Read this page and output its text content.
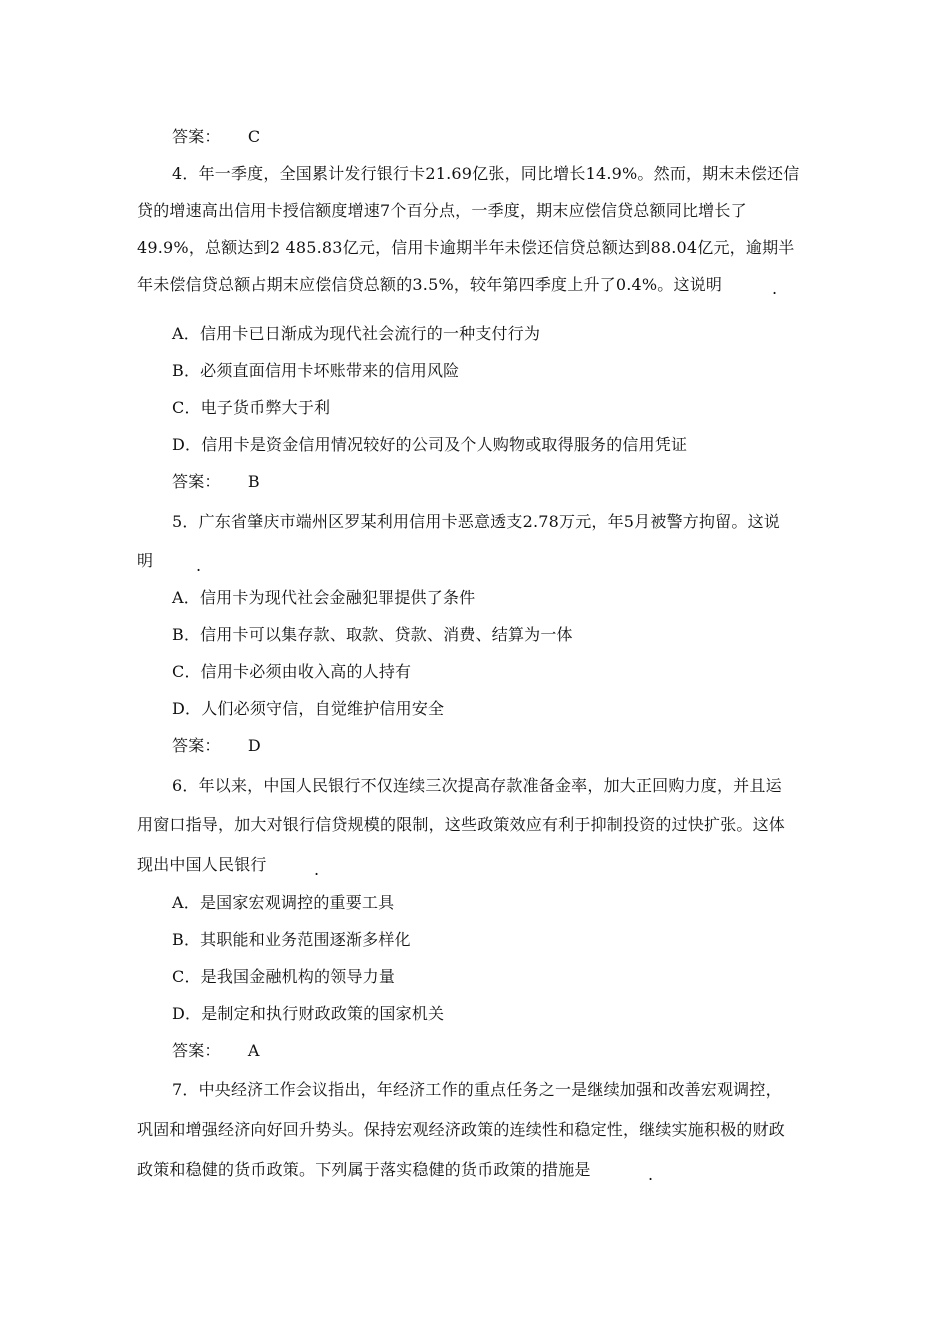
答案： C
4．年一季度，全国累计发行银行卡21.69亿张，同比增长14.9%。然而，期末未偿还信
贷的增速高出信用卡授信额度增速7个百分点，一季度，期末应偿信贷总额同比增长了
49.9%，总额达到2 485.83亿元，信用卡逾期半年未偿还信贷总额达到88.04亿元，逾期半
年未偿信贷总额占期末应偿信贷总额的3.5%，较年第四季度上升了0.4%。这说明	.
A．信用卡已日渐成为现代社会流行的一种支付行为
B．必须直面信用卡坏账带来的信用风险
C．电子货币弊大于利
D．信用卡是资金信用情况较好的公司及个人购物或取得服务的信用凭证
答案： B
5．广东省肇庆市端州区罗某利用信用卡恶意透支2.78万元，年5月被警方拘留。这说
明	.
A．信用卡为现代社会金融犯罪提供了条件
B．信用卡可以集存款、取款、贷款、消费、结算为一体
C．信用卡必须由收入高的人持有
D．人们必须守信，自觉维护信用安全
答案： D
6．年以来，中国人民银行不仅连续三次提高存款准备金率，加大正回购力度，并且运
用窗口指导，加大对银行信贷规模的限制，这些政策效应有利于抑制投资的过快扩张。这体
现出中国人民银行	.
A．是国家宏观调控的重要工具
B．其职能和业务范围逐渐多样化
C．是我国金融机构的领导力量
D．是制定和执行财政政策的国家机关
答案： A
7．中央经济工作会议指出，年经济工作的重点任务之一是继续加强和改善宏观调控，
巩固和增强经济向好回升势头。保持宏观经济政策的连续性和稳定性，继续实施积极的财政
政策和稳健的货币政策。下列属于落实稳健的货币政策的措施是	.
